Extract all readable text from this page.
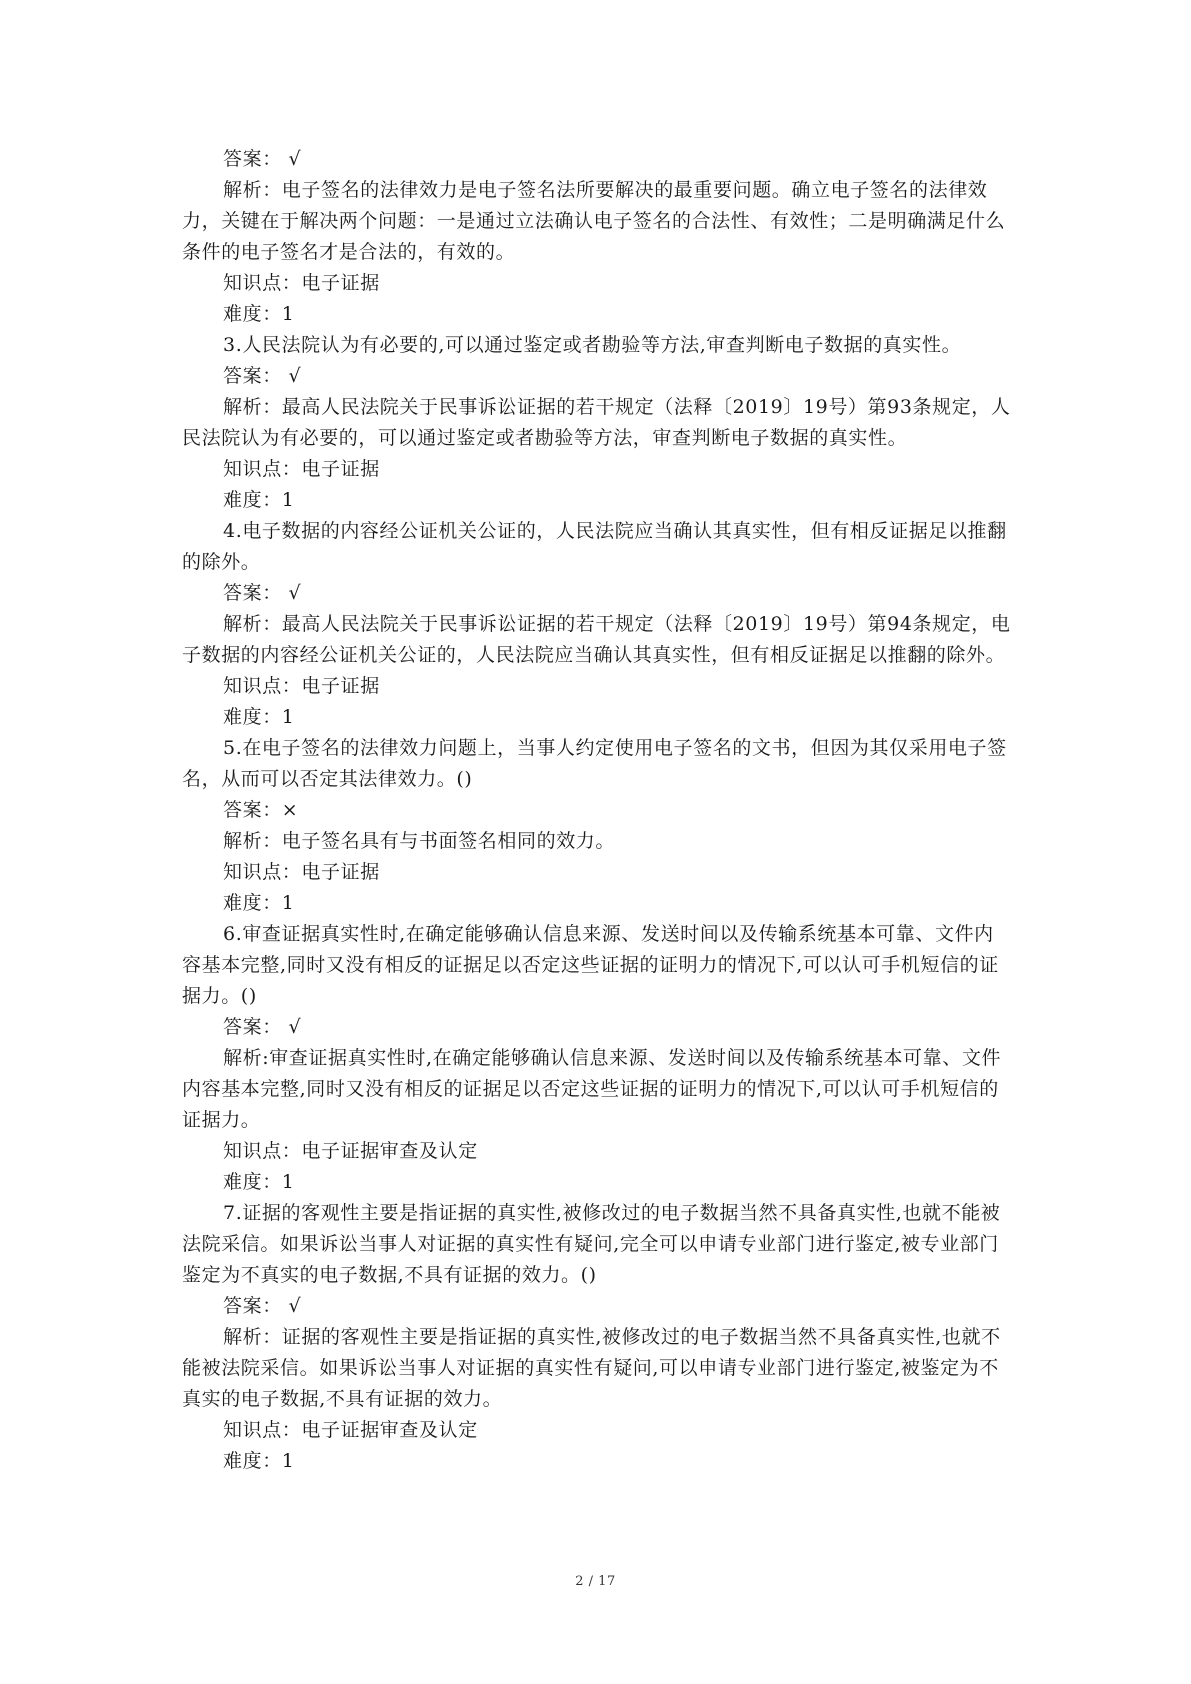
答案： √

解析：电子签名的法律效力是电子签名法所要解决的最重要问题。确立电子签名的法律效力，关键在于解决两个问题：一是通过立法确认电子签名的合法性、有效性；二是明确满足什么条件的电子签名才是合法的，有效的。

知识点：电子证据

难度：1

3.人民法院认为有必要的,可以通过鉴定或者勘验等方法,审查判断电子数据的真实性。

答案： √

解析：最高人民法院关于民事诉讼证据的若干规定（法释〔2019〕19号）第93条规定，人民法院认为有必要的，可以通过鉴定或者勘验等方法，审查判断电子数据的真实性。

知识点：电子证据

难度：1

4.电子数据的内容经公证机关公证的，人民法院应当确认其真实性，但有相反证据足以推翻的除外。

答案： √

解析：最高人民法院关于民事诉讼证据的若干规定（法释〔2019〕19号）第94条规定，电子数据的内容经公证机关公证的，人民法院应当确认其真实性，但有相反证据足以推翻的除外。

知识点：电子证据

难度：1

5.在电子签名的法律效力问题上，当事人约定使用电子签名的文书，但因为其仅采用电子签名，从而可以否定其法律效力。()

答案：×

解析：电子签名具有与书面签名相同的效力。

知识点：电子证据

难度：1

6.审查证据真实性时,在确定能够确认信息来源、发送时间以及传输系统基本可靠、文件内容基本完整,同时又没有相反的证据足以否定这些证据的证明力的情况下,可以认可手机短信的证据力。()

答案： √

解析:审查证据真实性时,在确定能够确认信息来源、发送时间以及传输系统基本可靠、文件内容基本完整,同时又没有相反的证据足以否定这些证据的证明力的情况下,可以认可手机短信的证据力。

知识点：电子证据审查及认定

难度：1

7.证据的客观性主要是指证据的真实性,被修改过的电子数据当然不具备真实性,也就不能被法院采信。如果诉讼当事人对证据的真实性有疑问,完全可以申请专业部门进行鉴定,被专业部门鉴定为不真实的电子数据,不具有证据的效力。()

答案： √

解析：证据的客观性主要是指证据的真实性,被修改过的电子数据当然不具备真实性,也就不能被法院采信。如果诉讼当事人对证据的真实性有疑问,可以申请专业部门进行鉴定,被鉴定为不真实的电子数据,不具有证据的效力。

知识点：电子证据审查及认定

难度：1

2 / 17
